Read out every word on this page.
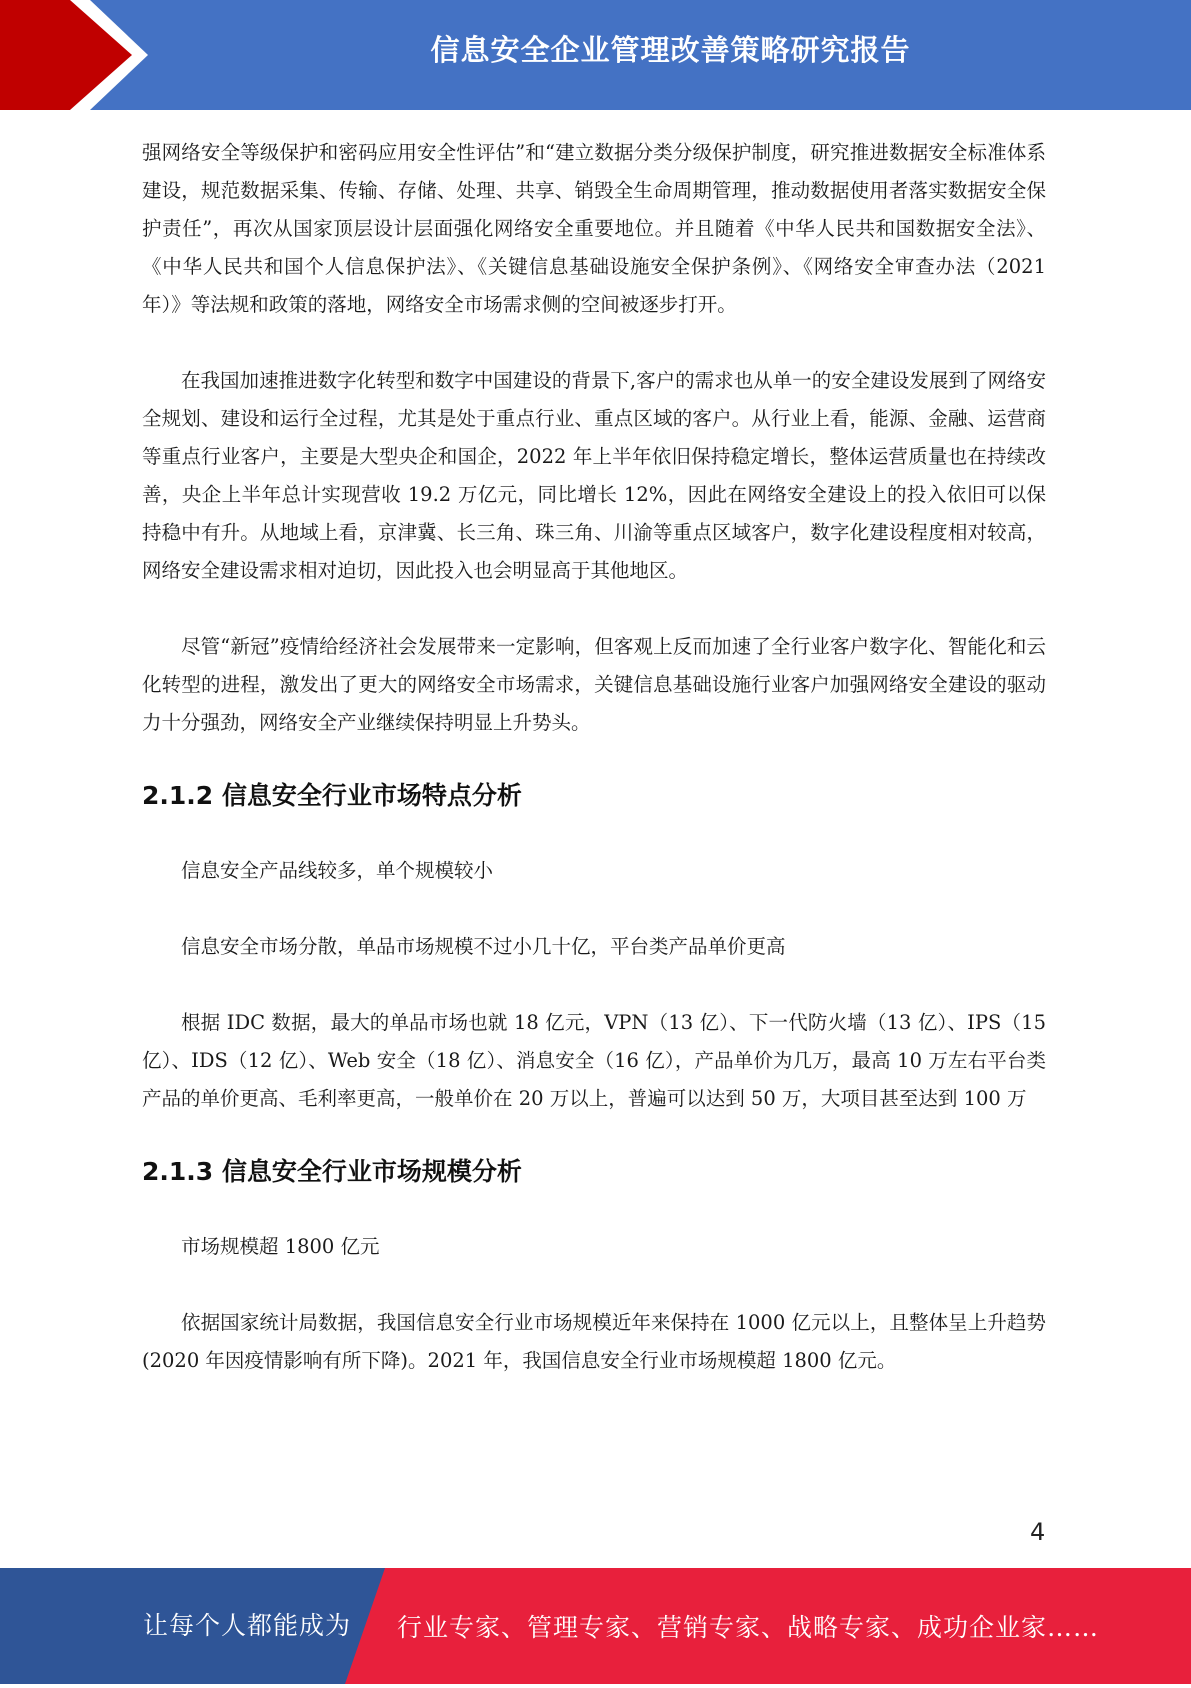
信息安全企业管理改善策略研究报告

强网络安全等级保护和密码应用安全性评估”和“建立数据分类分级保护制度，研究推进数据安全标准体系建设，规范数据采集、传输、存储、处理、共享、销毁全生命周期管理，推动数据使用者落实数据安全保护责任”，再次从国家顶层设计层面强化网络安全重要地位。并且随着《中华人民共和国数据安全法》、《中华人民共和国个人信息保护法》、《关键信息基础设施安全保护条例》、《网络安全审查办法（2021 年）》等法规和政策的落地，网络安全市场需求侧的空间被逐步打开。

在我国加速推进数字化转型和数字中国建设的背景下,客户的需求也从单一的安全建设发展到了网络安全规划、建设和运行全过程，尤其是处于重点行业、重点区域的客户。从行业上看，能源、金融、运营商等重点行业客户，主要是大型央企和国企，2022 年上半年依旧保持稳定增长，整体运营质量也在持续改善，央企上半年总计实现营收 19.2 万亿元，同比增长 12%，因此在网络安全建设上的投入依旧可以保持稳中有升。从地域上看，京津冀、长三角、珠三角、川渝等重点区域客户，数字化建设程度相对较高，网络安全建设需求相对迫切，因此投入也会明显高于其他地区。

尽管“新冠”疫情给经济社会发展带来一定影响，但客观上反而加速了全行业客户数字化、智能化和云化转型的进程，激发出了更大的网络安全市场需求，关键信息基础设施行业客户加强网络安全建设的驱动力十分强劲，网络安全产业继续保持明显上升势头。

2.1.2 信息安全行业市场特点分析

信息安全产品线较多，单个规模较小

信息安全市场分散，单品市场规模不过小几十亿，平台类产品单价更高

根据 IDC 数据，最大的单品市场也就 18 亿元，VPN（13 亿）、下一代防火墙（13 亿）、IPS（15 亿）、IDS（12 亿）、Web 安全（18 亿）、消息安全（16 亿），产品单价为几万，最高 10 万左右平台类产品的单价更高、毛利率更高，一般单价在 20 万以上，普遍可以达到 50 万，大项目甚至达到 100 万

2.1.3 信息安全行业市场规模分析

市场规模超 1800 亿元

依据国家统计局数据，我国信息安全行业市场规模近年来保持在 1000 亿元以上，且整体呈上升趋势(2020 年因疫情影响有所下降)。2021 年，我国信息安全行业市场规模超 1800 亿元。

4
让每个人都能成为 行业专家、管理专家、营销专家、战略专家、成功企业家……
